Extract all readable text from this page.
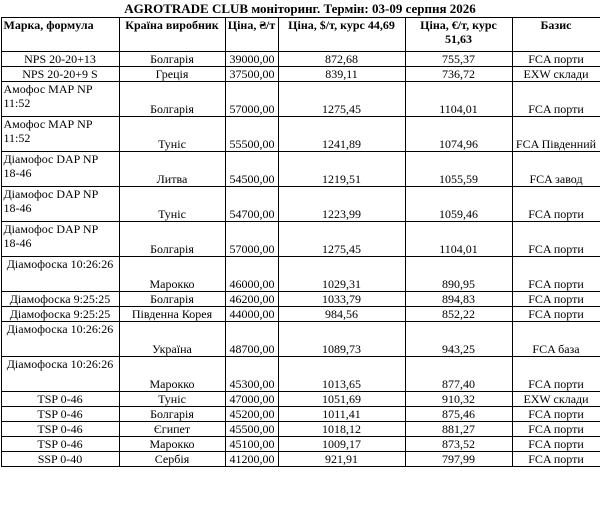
AGROTRADE CLUB моніторинг. Термін: 03-09 серпня 2026
Марка, формула	Країна виробник	Ціна, ₴/т	Ціна, $/т, курс 44,69	Ціна, €/т, курс 51,63	Базис
NPS 20-20+13	Болгарія	39000,00	872,68	755,37	FCA порти
NPS 20-20+9 S	Греція	37500,00	839,11	736,72	EXW склади
Амофос МАР NP 11:52	Болгарія	57000,00	1275,45	1104,01	FCA порти
Амофос МАР NP 11:52	Туніс	55500,00	1241,89	1074,96	FCA Південний
Діамофос DAP NP 18-46	Литва	54500,00	1219,51	1055,59	FCA завод
Діамофос DAP NP 18-46	Туніс	54700,00	1223,99	1059,46	FCA порти
Діамофос DAP NP 18-46	Болгарія	57000,00	1275,45	1104,01	FCA порти
Діамофоска 10:26:26	Марокко	46000,00	1029,31	890,95	FCA порти
Діамофоска 9:25:25	Болгарія	46200,00	1033,79	894,83	FCA порти
Діамофоска 9:25:25	Південна Корея	44000,00	984,56	852,22	FCA порти
Діамофоска 10:26:26	Україна	48700,00	1089,73	943,25	FCA база
Діамофоска 10:26:26	Марокко	45300,00	1013,65	877,40	FCA порти
TSP 0-46	Туніс	47000,00	1051,69	910,32	EXW склади
TSP 0-46	Болгарія	45200,00	1011,41	875,46	FCA порти
TSP 0-46	Єгипет	45500,00	1018,12	881,27	FCA порти
TSP 0-46	Марокко	45100,00	1009,17	873,52	FCA порти
SSP 0-40	Сербія	41200,00	921,91	797,99	FCA порти
